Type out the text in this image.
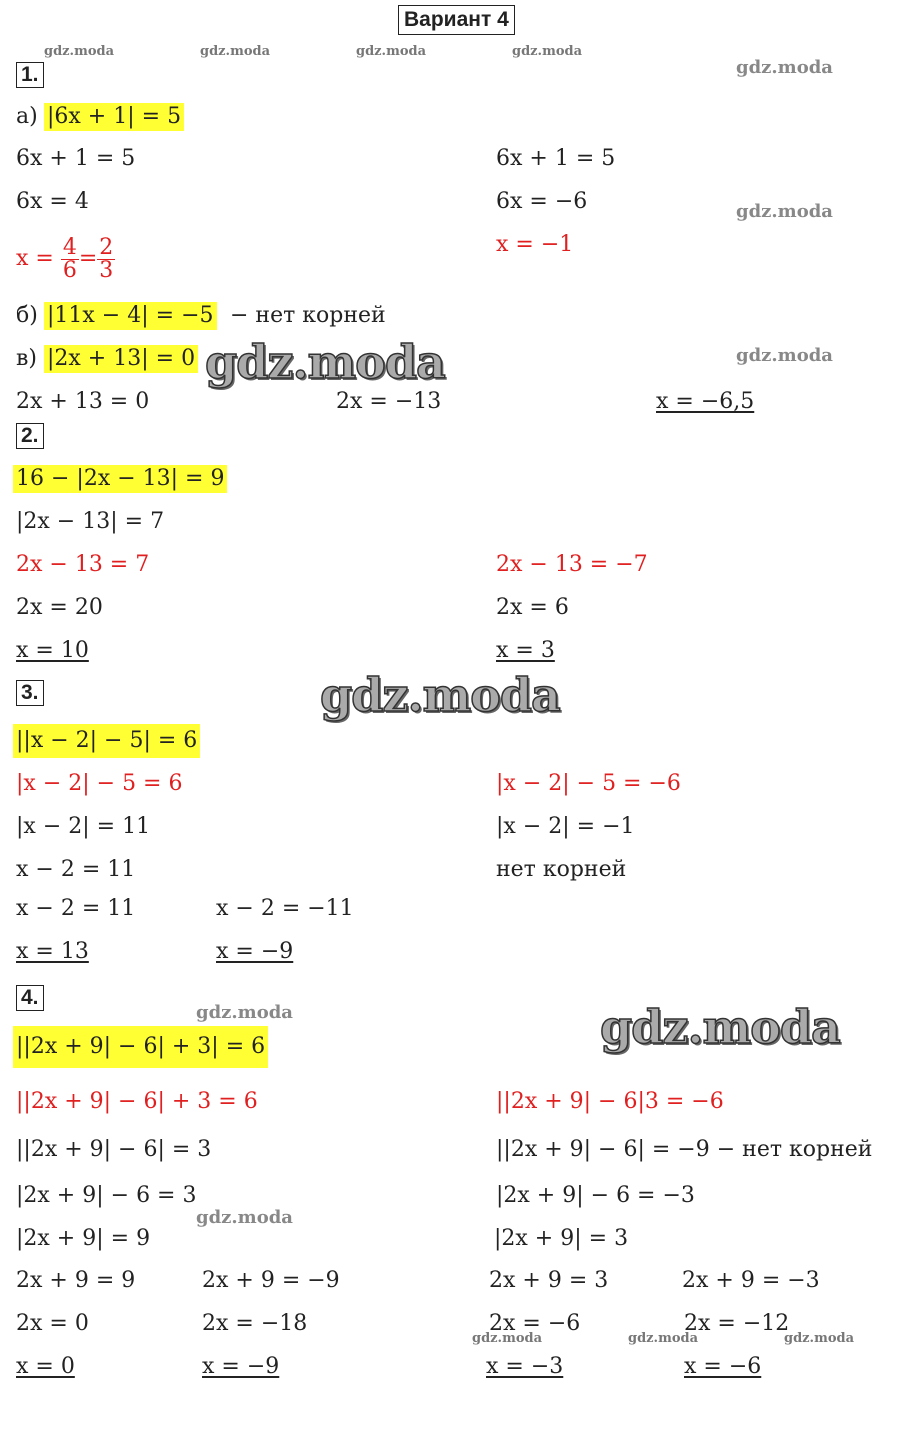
Вариант 4
gdz.moda	gdz.moda	gdz.moda	gdz.moda
gdz.moda
gdz.moda
gdz.moda
gdz.moda
gdz.moda
gdz.moda
gdz.moda
gdz.moda
gdz.moda	gdz.moda	gdz.moda
1.
а) |6x + 1| = 5
6x + 1 = 5
6x = 4
$x = \frac{4}{6} = \frac{2}{3}$
6x + 1 = 5
6x = −6
x = −1
б) |11x − 4| = −5 − нет корней
в) |2x + 13| = 0
2x + 13 = 0	2x = −13	x = −6,5
2.
16 − |2x − 13| = 9
|2x − 13| = 7
2x − 13 = 7
2x = 20
x = 10
2x − 13 = −7
2x = 6
x = 3
3.
||x − 2| − 5| = 6
|x − 2| − 5 = 6
|x − 2| = 11
x − 2 = 11
x − 2 = 11
x = 13
x − 2 = −11
x = −9
|x − 2| − 5 = −6
|x − 2| = −1
нет корней
4.
||2x + 9| − 6| + 3| = 6
||2x + 9| − 6| + 3 = 6
||2x + 9| − 6| = 3
|2x + 9| − 6 = 3
|2x + 9| = 9
||2x + 9| − 6|3 = −6
||2x + 9| − 6| = −9 − нет корней
|2x + 9| − 6 = −3
|2x + 9| = 3
2x + 9 = 9
2x = 0
x = 0
2x + 9 = −9
2x = −18
x = −9
2x + 9 = 3
2x = −6
x = −3
2x + 9 = −3
2x = −12
x = −6
